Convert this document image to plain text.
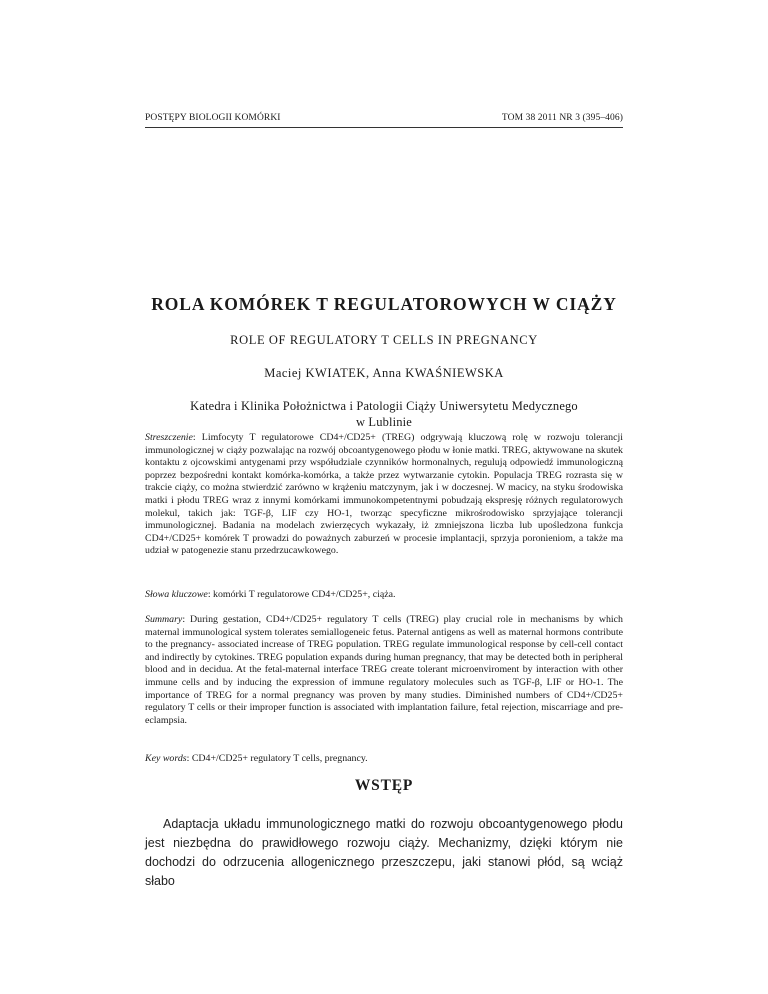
POSTĘPY BIOLOGII KOMÓRKI	TOM 38 2011 NR 3 (395–406)
ROLA KOMÓREK T REGULATOROWYCH W CIĄŻY
ROLE OF REGULATORY T CELLS IN PREGNANCY
Maciej KWIATEK, Anna KWAŚNIEWSKA
Katedra i Klinika Położnictwa i Patologii Ciąży Uniwersytetu Medycznego
w Lublinie
Streszczenie: Limfocyty T regulatorowe CD4+/CD25+ (TREG) odgrywają kluczową rolę w rozwoju tolerancji immunologicznej w ciąży pozwalając na rozwój obcoantygenowego płodu w łonie matki. TREG, aktywowane na skutek kontaktu z ojcowskimi antygenami przy współudziale czynników hormonalnych, regulują odpowiedź immunologiczną poprzez bezpośredni kontakt komórka-komórka, a także przez wytwarzanie cytokin. Populacja TREG rozrasta się w trakcie ciąży, co można stwierdzić zarówno w krążeniu matczynym, jak i w doczesnej. W macicy, na styku środowiska matki i płodu TREG wraz z innymi komórkami immunokompetentnymi pobudzają ekspresję różnych regulatorowych molekul, takich jak: TGF-β, LIF czy HO-1, tworząc specyficzne mikrośrodowisko sprzyjające tolerancji immunologicznej. Badania na modelach zwierzęcych wykazały, iż zmniejszona liczba lub upośledzona funkcja CD4+/CD25+ komórek T prowadzi do poważnych zaburzeń w procesie implantacji, sprzyja poronieniom, a także ma udział w patogenezie stanu przedrzucawkowego.
Słowa kluczowe: komórki T regulatorowe CD4+/CD25+, ciąża.
Summary: During gestation, CD4+/CD25+ regulatory T cells (TREG) play crucial role in mechanisms by which maternal immunological system tolerates semiallogeneic fetus. Paternal antigens as well as maternal hormons contribute to the pregnancy- associated increase of TREG population. TREG regulate immunological response by cell-cell contact and indirectly by cytokines. TREG population expands during human pregnancy, that may be detected both in peripheral blood and in decidua. At the fetal-maternal interface TREG create tolerant microenviroment by interaction with other immune cells and by inducing the expression of immune regulatory molecules such as TGF-β, LIF or HO-1. The importance of TREG for a normal pregnancy was proven by many studies. Diminished numbers of CD4+/CD25+ regulatory T cells or their improper function is associated with implantation failure, fetal rejection, miscarriage and pre-eclampsia.
Key words: CD4+/CD25+ regulatory T cells, pregnancy.
WSTĘP
Adaptacja układu immunologicznego matki do rozwoju obcoantygenowego płodu jest niezbędna do prawidłowego rozwoju ciąży. Mechanizmy, dzięki którym nie dochodzi do odrzucenia allogenicznego przeszczepu, jaki stanowi płód, są wciąż słabo
